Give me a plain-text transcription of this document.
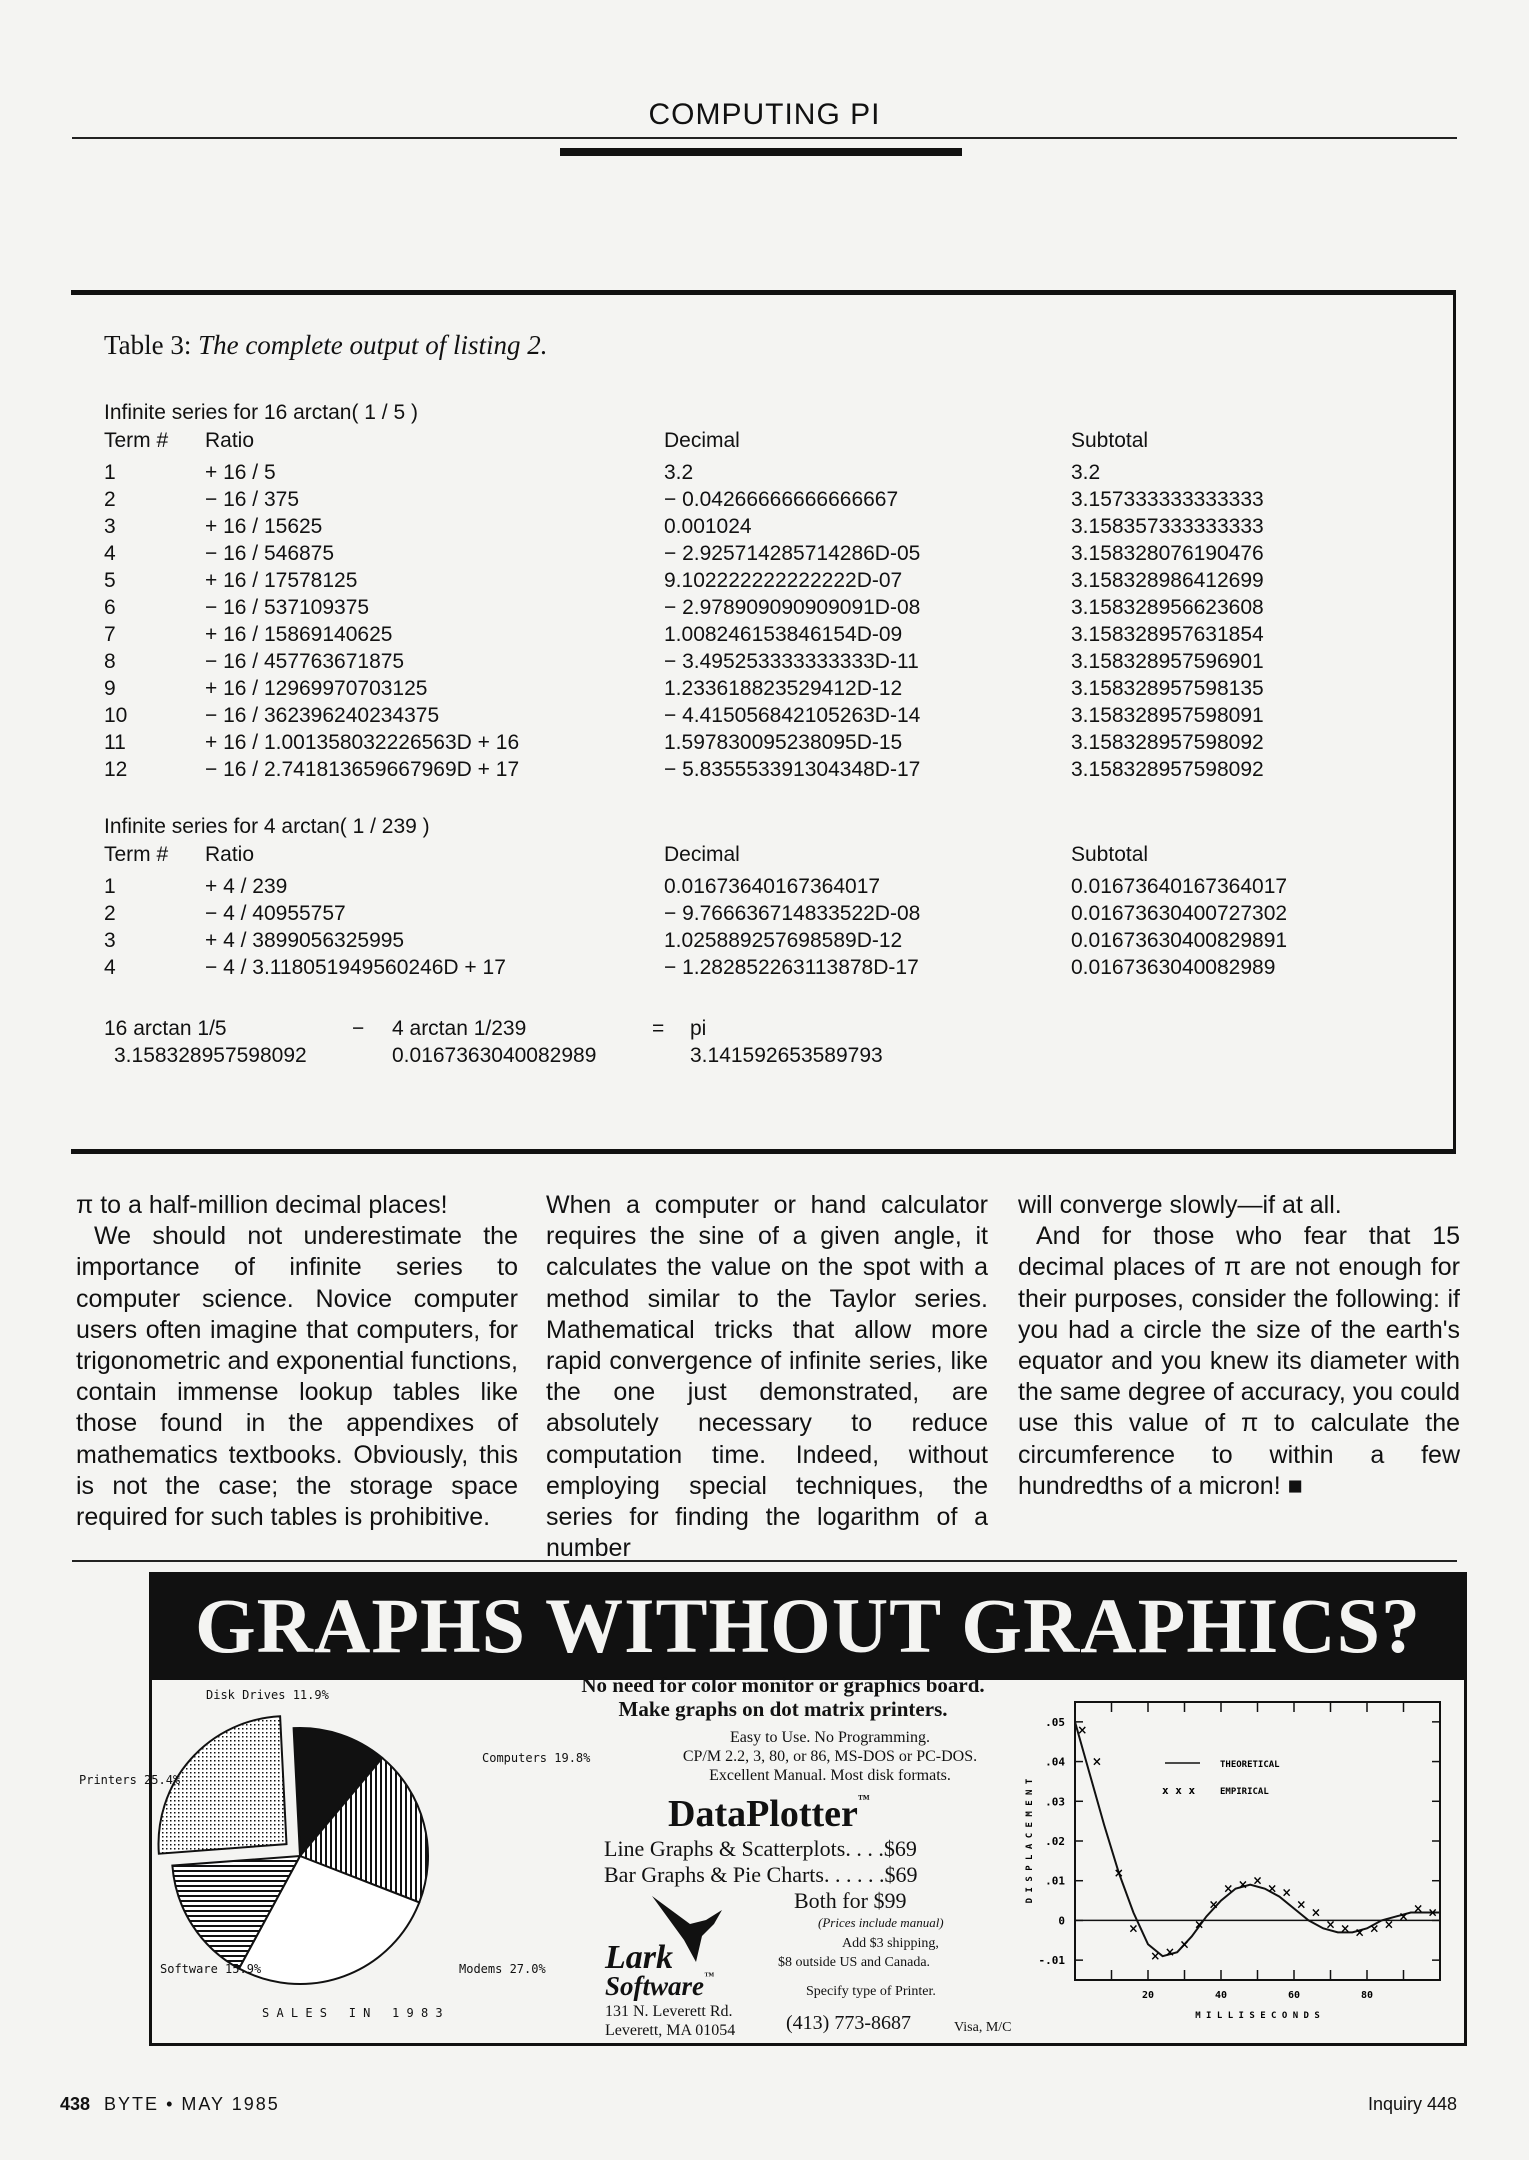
COMPUTING PI
Table 3: The complete output of listing 2.
Infinite series for 16 arctan( 1 / 5 )
Term # Ratio	Decimal	Subtotal
1	+ 16 / 5	3.2	3.2
2	− 16 / 375	− 0.04266666666666667	3.157333333333333
3	+ 16 / 15625	0.001024	3.158357333333333
4	− 16 / 546875	− 2.925714285714286D-05	3.158328076190476
5	+ 16 / 17578125	9.102222222222222D-07	3.158328986412699
6	− 16 / 537109375	− 2.978909090909091D-08	3.158328956623608
7	+ 16 / 15869140625	1.008246153846154D-09	3.158328957631854
8	− 16 / 457763671875	− 3.495253333333333D-11	3.158328957596901
9	+ 16 / 12969970703125	1.233618823529412D-12	3.158328957598135
10	− 16 / 362396240234375	− 4.415056842105263D-14	3.158328957598091
11	+ 16 / 1.001358032226563D + 16	1.597830095238095D-15	3.158328957598092
12	− 16 / 2.741813659667969D + 17	− 5.835553391304348D-17	3.158328957598092
Infinite series for 4 arctan( 1 / 239 )
Term # Ratio	Decimal	Subtotal
1	+ 4 / 239	0.01673640167364017	0.01673640167364017
2	− 4 / 40955757	− 9.766636714833522D-08	0.01673630400727302
3	+ 4 / 3899056325995	1.025889257698589D-12	0.01673630400829891
4	− 4 / 3.118051949560246D + 17	− 1.282852263113878D-17	0.0167363040082989
16 arctan 1/5	− 4 arctan 1/239	= pi
3.158328957598092	0.0167363040082989	3.141592653589793

π to a half-million decimal places!

We should not underestimate the importance of infinite series to computer science. Novice computer users often imagine that computers, for trigonometric and exponential functions, contain immense lookup tables like those found in the appendixes of mathematics textbooks. Obviously, this is not the case; the storage space required for such tables is prohibitive.

When a computer or hand calculator requires the sine of a given angle, it calculates the value on the spot with a method similar to the Taylor series. Mathematical tricks that allow more rapid convergence of infinite series, like the one just demonstrated, are absolutely necessary to reduce computation time. Indeed, without employing special techniques, the series for finding the logarithm of a number

will converge slowly—if at all.

And for those who fear that 15 decimal places of π are not enough for their purposes, consider the following: if you had a circle the size of the earth's equator and you knew its diameter with the same degree of accuracy, you could use this value of π to calculate the circumference to within a few hundredths of a micron! ■

GRAPHS WITHOUT GRAPHICS?
Disk Drives 11.9%
Computers 19.8%
Printers 25.4%
Software 15.9%	Modems 27.0%
S A L E S   I N   1 9 8 3
No need for color monitor or graphics board.
Make graphs on dot matrix printers.
Easy to Use. No Programming.
CP/M 2.2, 3, 80, or 86, MS-DOS or PC-DOS.
Excellent Manual. Most disk formats.
DataPlotter™
Line Graphs & Scatterplots. . . .$69
Bar Graphs & Pie Charts. . . . . .$69
Both for $99
(Prices include manual)
Add $3 shipping,
$8 outside US and Canada.
Specify type of Printer.
Lark
Software™
131 N. Leverett Rd.
Leverett, MA 01054	(413) 773-8687	Visa, M/C
.05
.04
.03
.02
.01
0
-.01
20	40	60	80
M I L L I S E C O N D S
D I S P L A C E M E N T
×
×
×
×
× ×
×
×
×
× × ×
× ×
×
×
× × × × ×
×
× ×
THEORETICAL
x x x	EMPIRICAL
438  BYTE • MAY 1985	Inquiry 448
